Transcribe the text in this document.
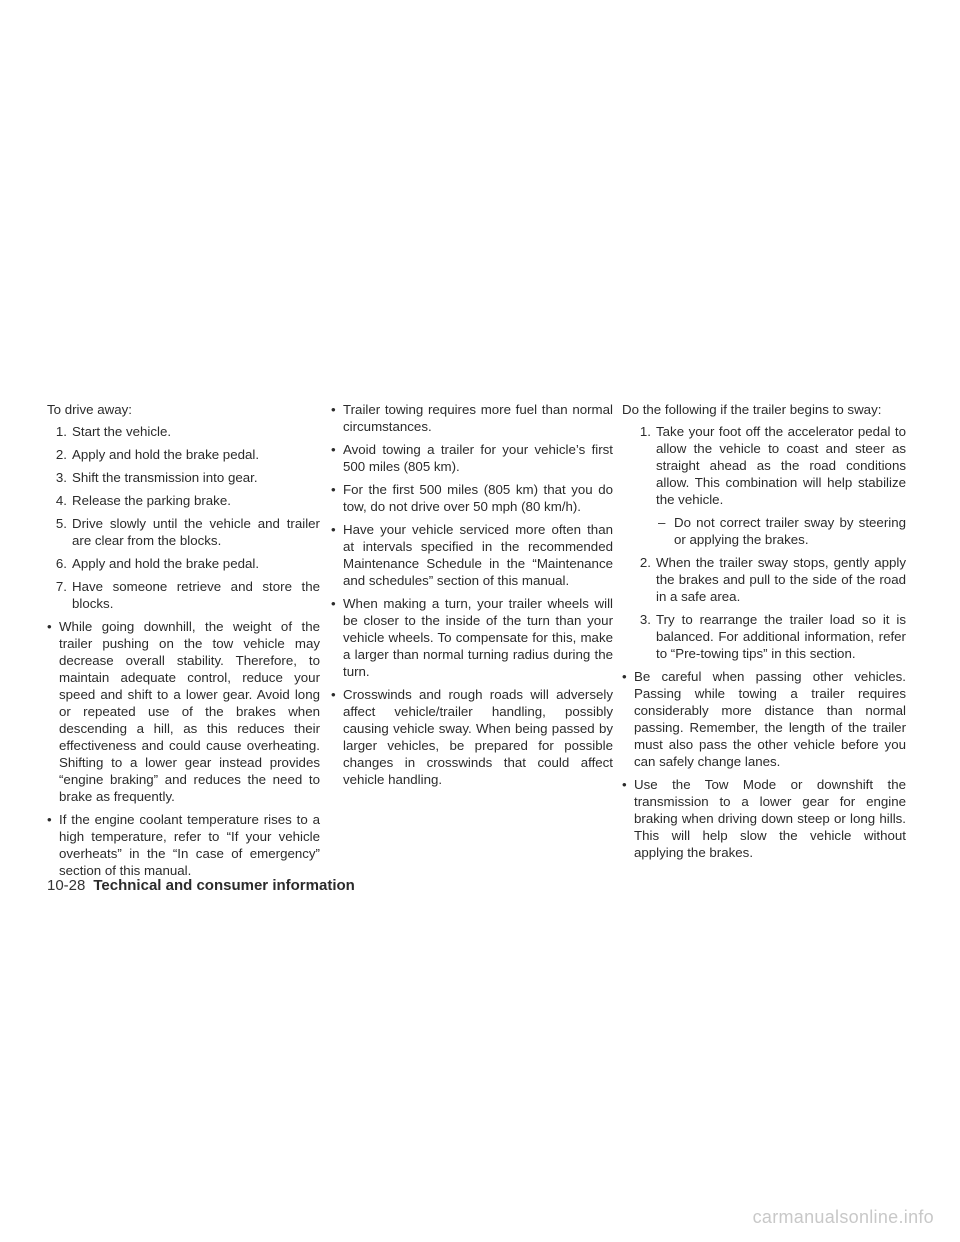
To drive away:

1. Start the vehicle.
2. Apply and hold the brake pedal.
3. Shift the transmission into gear.
4. Release the parking brake.
5. Drive slowly until the vehicle and trailer are clear from the blocks.
6. Apply and hold the brake pedal.
7. Have someone retrieve and store the blocks.
• While going downhill, the weight of the trailer pushing on the tow vehicle may decrease overall stability. Therefore, to maintain adequate control, reduce your speed and shift to a lower gear. Avoid long or repeated use of the brakes when descending a hill, as this reduces their effectiveness and could cause overheating. Shifting to a lower gear instead provides “engine braking” and reduces the need to brake as frequently.
• If the engine coolant temperature rises to a high temperature, refer to “If your vehicle overheats” in the “In case of emergency” section of this manual.
• Trailer towing requires more fuel than normal circumstances.
• Avoid towing a trailer for your vehicle’s first 500 miles (805 km).
• For the first 500 miles (805 km) that you do tow, do not drive over 50 mph (80 km/h).
• Have your vehicle serviced more often than at intervals specified in the recommended Maintenance Schedule in the “Maintenance and schedules” section of this manual.
• When making a turn, your trailer wheels will be closer to the inside of the turn than your vehicle wheels. To compensate for this, make a larger than normal turning radius during the turn.
• Crosswinds and rough roads will adversely affect vehicle/trailer handling, possibly causing vehicle sway. When being passed by larger vehicles, be prepared for possible changes in crosswinds that could affect vehicle handling.

Do the following if the trailer begins to sway:

1. Take your foot off the accelerator pedal to allow the vehicle to coast and steer as straight ahead as the road conditions allow. This combination will help stabilize the vehicle.
– Do not correct trailer sway by steering or applying the brakes.
2. When the trailer sway stops, gently apply the brakes and pull to the side of the road in a safe area.
3. Try to rearrange the trailer load so it is balanced. For additional information, refer to “Pre-towing tips” in this section.
• Be careful when passing other vehicles. Passing while towing a trailer requires considerably more distance than normal passing. Remember, the length of the trailer must also pass the other vehicle before you can safely change lanes.
• Use the Tow Mode or downshift the transmission to a lower gear for engine braking when driving down steep or long hills. This will help slow the vehicle without applying the brakes.
10-28 Technical and consumer information
carmanualsonline.info
